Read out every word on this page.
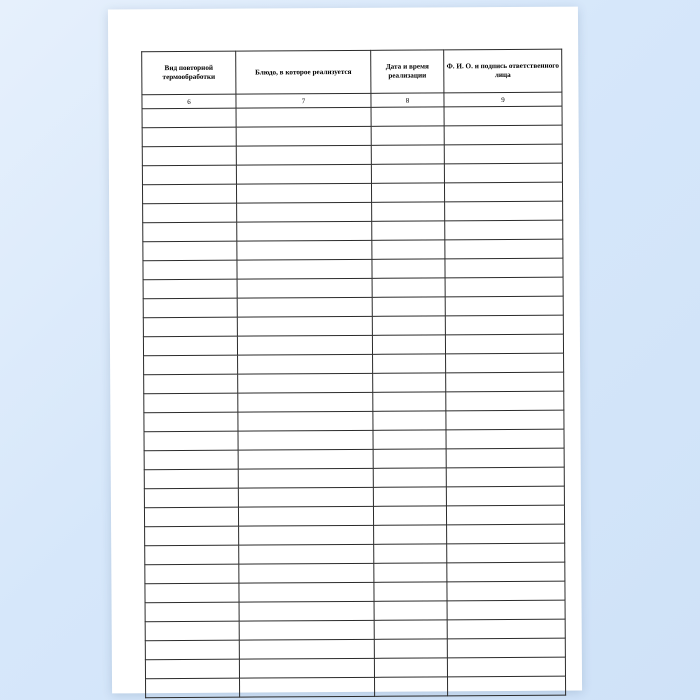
Вид повторной термообработки	Блюдо, в которое реализуется	Дата и время реализации	Ф. И. О. и подпись ответственного лица
6	7	8	9
